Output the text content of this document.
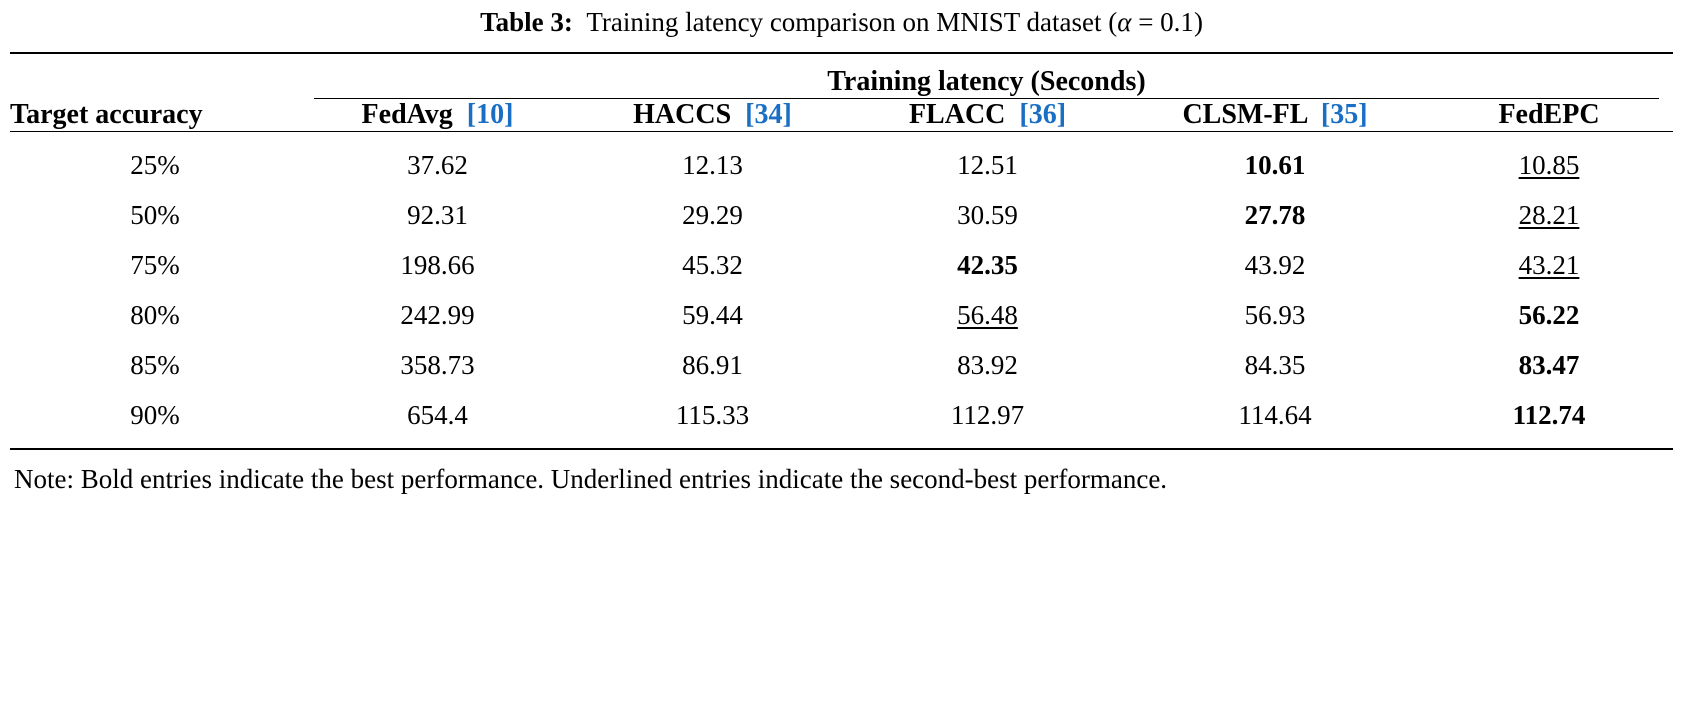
Table 3: Training latency comparison on MNIST dataset (α = 0.1)

Target accuracy	Training latency (Seconds)				

	FedAvg [10]	HACCS [34]	FLACC [36]	CLSM-FL [35]	FedEPC

25%	37.62	12.13	12.51	10.61	10.85
50%	92.31	29.29	30.59	27.78	28.21
75%	198.66	45.32	42.35	43.92	43.21
80%	242.99	59.44	56.48	56.93	56.22
85%	358.73	86.91	83.92	84.35	83.47
90%	654.4	115.33	112.97	114.64	112.74

Note: Bold entries indicate the best performance. Underlined entries indicate the second-best performance.
